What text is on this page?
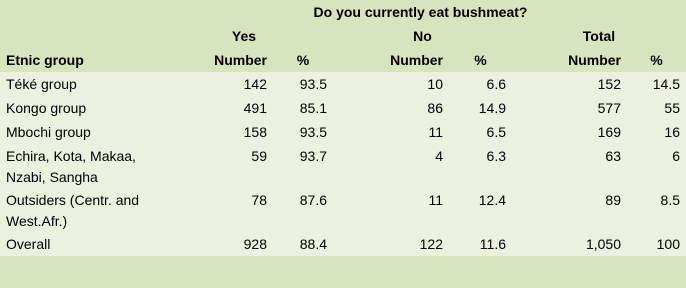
	Do you currently eat bushmeat?					
	Yes		No		Total	
Etnic group	Number	%	Number	%	Number	%
Téké group	142	93.5	10	6.6	152	14.5
Kongo group	491	85.1	86	14.9	577	55
Mbochi group	158	93.5	11	6.5	169	16
Echira, Kota, Makaa, Nzabi, Sangha	59	93.7	4	6.3	63	6
Outsiders (Centr. and West.Afr.)	78	87.6	11	12.4	89	8.5
Overall	928	88.4	122	11.6	1,050	100
